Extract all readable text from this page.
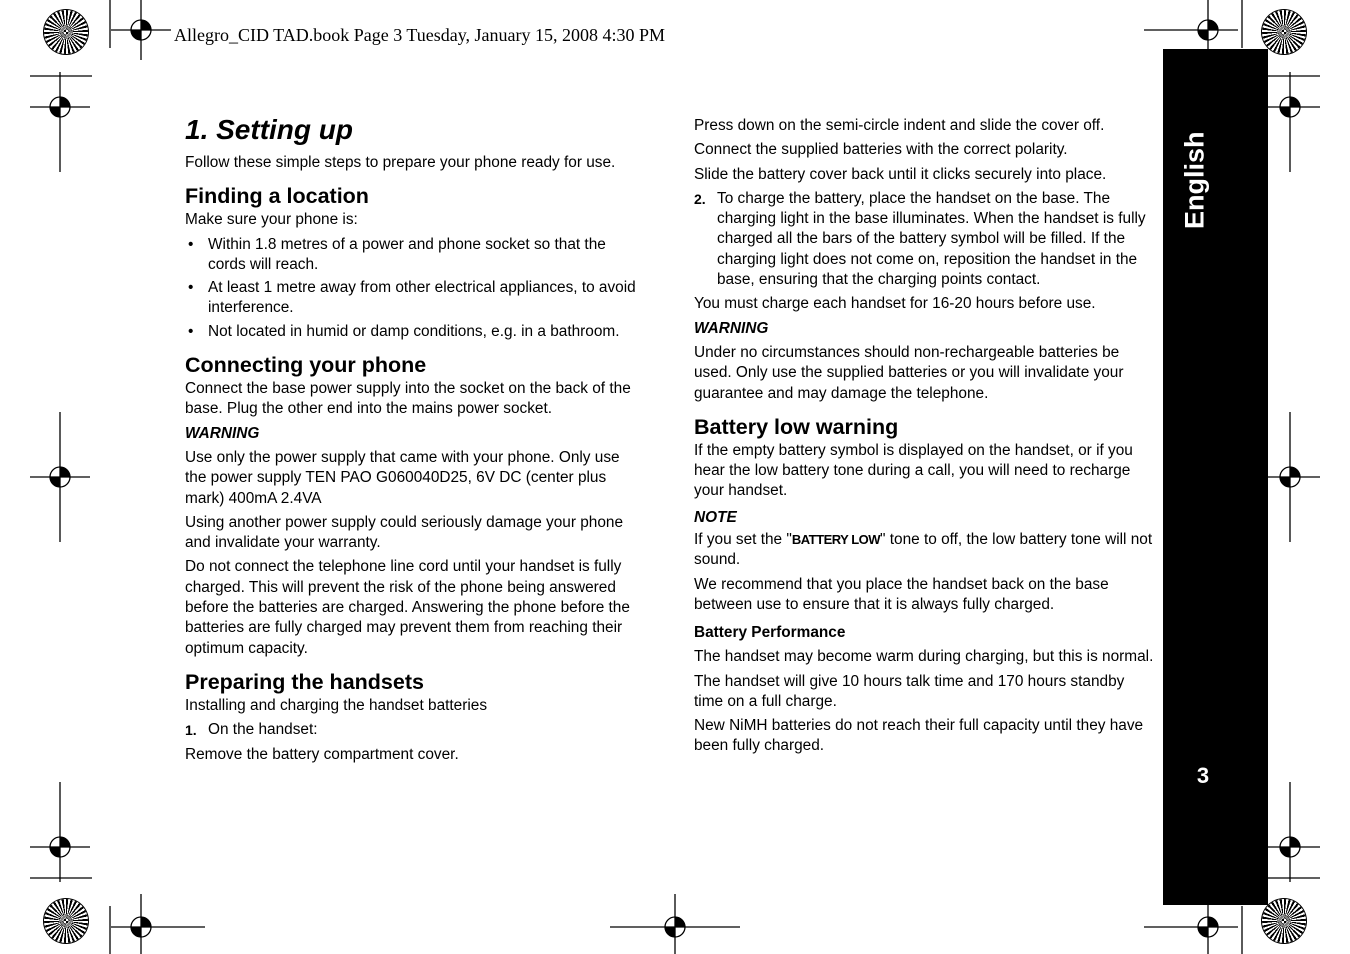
Allegro_CID TAD.book Page 3 Tuesday, January 15, 2008 4:30 PM
English
3
1. Setting up

Follow these simple steps to prepare your phone ready for use.

Finding a location

Make sure your phone is:

• Within 1.8 metres of a power and phone socket so that the cords will reach.
• At least 1 metre away from other electrical appliances, to avoid interference.
• Not located in humid or damp conditions, e.g. in a bathroom.
Connecting your phone

Connect the base power supply into the socket on the back of the base. Plug the other end into the mains power socket.

WARNING

Use only the power supply that came with your phone. Only use the power supply TEN PAO G060040D25, 6V DC (center plus mark) 400mA 2.4VA

Using another power supply could seriously damage your phone and invalidate your warranty.

Do not connect the telephone line cord until your handset is fully charged. This will prevent the risk of the phone being answered before the batteries are charged. Answering the phone before the batteries are fully charged may prevent them from reaching their optimum capacity.

Preparing the handsets

Installing and charging the handset batteries

1. On the handset:

Remove the battery compartment cover.

Press down on the semi-circle indent and slide the cover off.

Connect the supplied batteries with the correct polarity.

Slide the battery cover back until it clicks securely into place.

2. To charge the battery, place the handset on the base. The charging light in the base illuminates. When the handset is fully charged all the bars of the battery symbol will be filled. If the charging light does not come on, reposition the handset in the base, ensuring that the charging points contact.

You must charge each handset for 16-20 hours before use.

WARNING

Under no circumstances should non-rechargeable batteries be used. Only use the supplied batteries or you will invalidate your guarantee and may damage the telephone.

Battery low warning

If the empty battery symbol is displayed on the handset, or if you hear the low battery tone during a call, you will need to recharge your handset.

NOTE

If you set the "BATTERY LOW" tone to off, the low battery tone will not sound.

We recommend that you place the handset back on the base between use to ensure that it is always fully charged.

Battery Performance

The handset may become warm during charging, but this is normal.

The handset will give 10 hours talk time and 170 hours standby time on a full charge.

New NiMH batteries do not reach their full capacity until they have been fully charged.
